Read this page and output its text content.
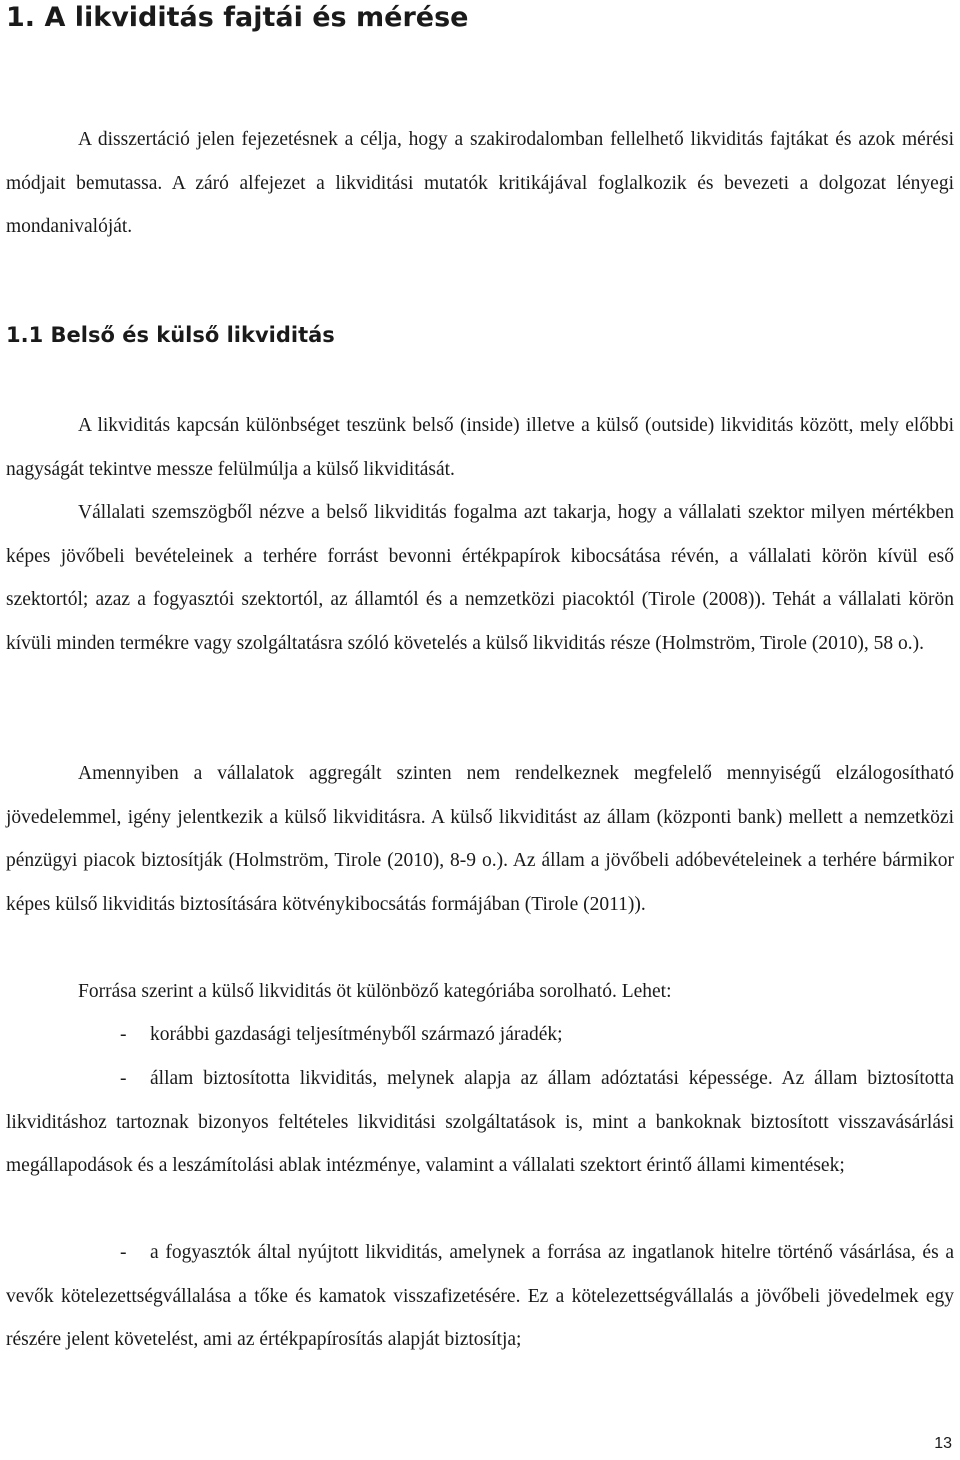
1. A likviditás fajtái és mérése

A disszertáció jelen fejezetésnek a célja, hogy a szakirodalomban fellelhető likviditás fajtákat és azok mérési módjait bemutassa. A záró alfejezet a likviditási mutatók kritikájával foglalkozik és bevezeti a dolgozat lényegi mondanivalóját.

1.1 Belső és külső likviditás

A likviditás kapcsán különbséget teszünk belső (inside) illetve a külső (outside) likviditás között, mely előbbi nagyságát tekintve messze felülmúlja a külső likviditását.

Vállalati szemszögből nézve a belső likviditás fogalma azt takarja, hogy a vállalati szektor milyen mértékben képes jövőbeli bevételeinek a terhére forrást bevonni értékpapírok kibocsátása révén, a vállalati körön kívül eső szektortól; azaz a fogyasztói szektortól, az államtól és a nemzetközi piacoktól (Tirole (2008)). Tehát a vállalati körön kívüli minden termékre vagy szolgáltatásra szóló követelés a külső likviditás része (Holmström, Tirole (2010), 58 o.).

Amennyiben a vállalatok aggregált szinten nem rendelkeznek megfelelő mennyiségű elzálogosítható jövedelemmel, igény jelentkezik a külső likviditásra. A külső likviditást az állam (központi bank) mellett a nemzetközi pénzügyi piacok biztosítják (Holmström, Tirole (2010), 8-9 o.). Az állam a jövőbeli adóbevételeinek a terhére bármikor képes külső likviditás biztosítására kötvénykibocsátás formájában (Tirole (2011)).

Forrása szerint a külső likviditás öt különböző kategóriába sorolható. Lehet:

- korábbi gazdasági teljesítményből származó járadék;

- állam biztosította likviditás, melynek alapja az állam adóztatási képessége. Az állam biztosította likviditáshoz tartoznak bizonyos feltételes likviditási szolgáltatások is, mint a bankoknak biztosított visszavásárlási megállapodások és a leszámítolási ablak intézménye, valamint a vállalati szektort érintő állami kimentések;

- a fogyasztók által nyújtott likviditás, amelynek a forrása az ingatlanok hitelre történő vásárlása, és a vevők kötelezettségvállalása a tőke és kamatok visszafizetésére. Ez a kötelezettségvállalás a jövőbeli jövedelmek egy részére jelent követelést, ami az értékpapírosítás alapját biztosítja;

13
